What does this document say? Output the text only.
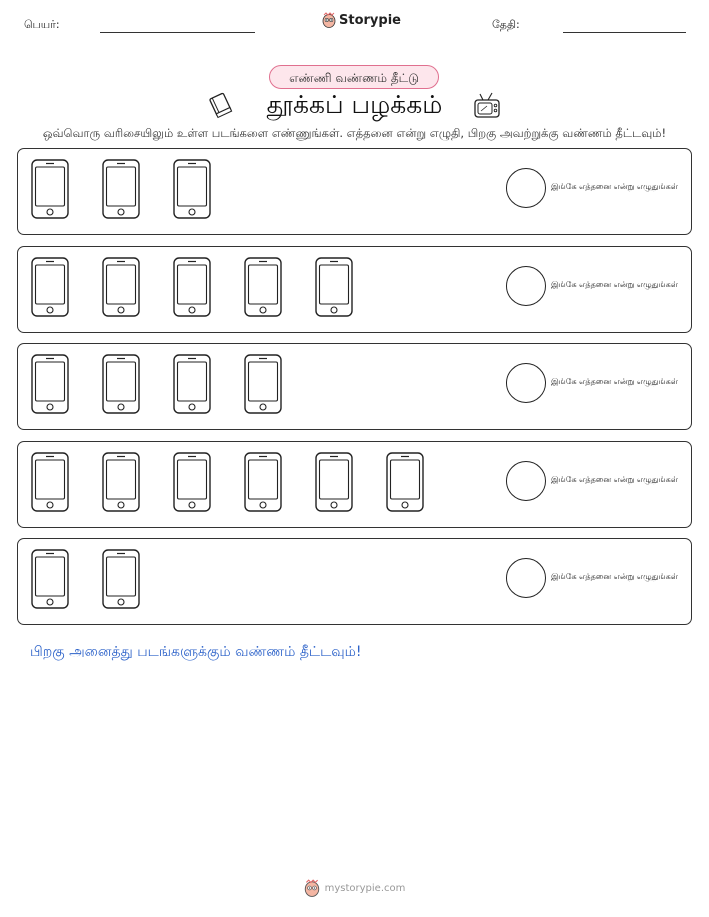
பெயர்:	Storypie	தேதி:
எண்ணி வண்ணம் தீட்டு
தூக்கப் பழக்கம்
ஒவ்வொரு வரிசையிலும் உள்ள படங்களை எண்ணுங்கள். எத்தனை என்று எழுதி, பிறகு அவற்றுக்கு வண்ணம் தீட்டவும்!
இங்கே எத்தனை என்று எழுதுங்கள்
இங்கே எத்தனை என்று எழுதுங்கள்
இங்கே எத்தனை என்று எழுதுங்கள்
இங்கே எத்தனை என்று எழுதுங்கள்
இங்கே எத்தனை என்று எழுதுங்கள்
பிறகு அனைத்து படங்களுக்கும் வண்ணம் தீட்டவும்!
mystorypie.com
